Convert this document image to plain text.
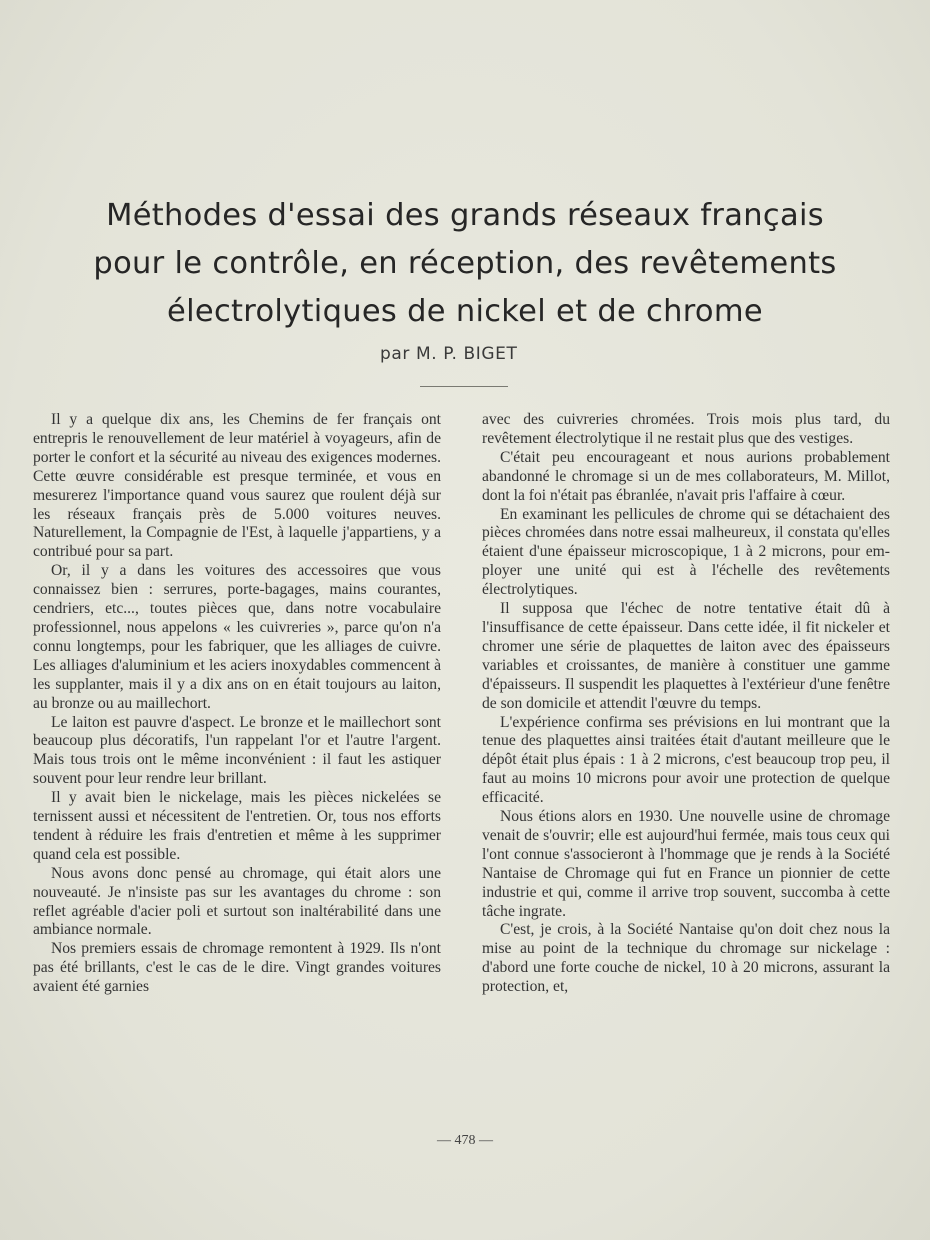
Méthodes d'essai des grands réseaux français
pour le contrôle, en réception, des revêtements
électrolytiques de nickel et de chrome
par M. P. BIGET

Il y a quelque dix ans, les Chemins de fer français ont entrepris le renouvellement de leur matériel à voyageurs, afin de porter le confort et la sécurité au niveau des exigences modernes. Cette œuvre considérable est presque terminée, et vous en mesurerez l'importance quand vous saurez que roulent déjà sur les réseaux français près de 5.000 voitures neuves. Naturellement, la Compagnie de l'Est, à laquelle j'appartiens, y a contribué pour sa part.

Or, il y a dans les voitures des accessoires que vous connaissez bien : serrures, porte-bagages, mains courantes, cendriers, etc..., toutes pièces que, dans notre vocabulaire professionnel, nous appelons « les cuivreries », parce qu'on n'a connu longtemps, pour les fabriquer, que les alliages de cuivre. Les alliages d'aluminium et les aciers inoxydables commencent à les supplanter, mais il y a dix ans on en était toujours au laiton, au bronze ou au maillechort.

Le laiton est pauvre d'aspect. Le bronze et le maillechort sont beaucoup plus décoratifs, l'un rappelant l'or et l'autre l'argent. Mais tous trois ont le même inconvénient : il faut les astiquer souvent pour leur rendre leur brillant.

Il y avait bien le nickelage, mais les pièces nickelées se ternissent aussi et nécessitent de l'entretien. Or, tous nos efforts tendent à réduire les frais d'entretien et même à les supprimer quand cela est possible.

Nous avons donc pensé au chromage, qui était alors une nouveauté. Je n'insiste pas sur les avantages du chrome : son reflet agréable d'acier poli et surtout son inaltérabilité dans une ambiance normale.

Nos premiers essais de chromage remontent à 1929. Ils n'ont pas été brillants, c'est le cas de le dire. Vingt grandes voitures avaient été garnies

avec des cuivreries chromées. Trois mois plus tard, du revêtement électrolytique il ne restait plus que des vestiges.

C'était peu encourageant et nous aurions probablement abandonné le chromage si un de mes collaborateurs, M. Millot, dont la foi n'était pas ébranlée, n'avait pris l'affaire à cœur.

En examinant les pellicules de chrome qui se détachaient des pièces chromées dans notre essai malheureux, il constata qu'elles étaient d'une épaisseur microscopique, 1 à 2 microns, pour employer une unité qui est à l'échelle des revêtements électrolytiques.

Il supposa que l'échec de notre tentative était dû à l'insuffisance de cette épaisseur. Dans cette idée, il fit nickeler et chromer une série de plaquettes de laiton avec des épaisseurs variables et croissantes, de manière à constituer une gamme d'épaisseurs. Il suspendit les plaquettes à l'extérieur d'une fenêtre de son domicile et attendit l'œuvre du temps.

L'expérience confirma ses prévisions en lui montrant que la tenue des plaquettes ainsi traitées était d'autant meilleure que le dépôt était plus épais : 1 à 2 microns, c'est beaucoup trop peu, il faut au moins 10 microns pour avoir une protection de quelque efficacité.

Nous étions alors en 1930. Une nouvelle usine de chromage venait de s'ouvrir; elle est aujourd'hui fermée, mais tous ceux qui l'ont connue s'associeront à l'hommage que je rends à la Société Nantaise de Chromage qui fut en France un pionnier de cette industrie et qui, comme il arrive trop souvent, succomba à cette tâche ingrate.

C'est, je crois, à la Société Nantaise qu'on doit chez nous la mise au point de la technique du chromage sur nickelage : d'abord une forte couche de nickel, 10 à 20 microns, assurant la protection, et,

— 478 —
